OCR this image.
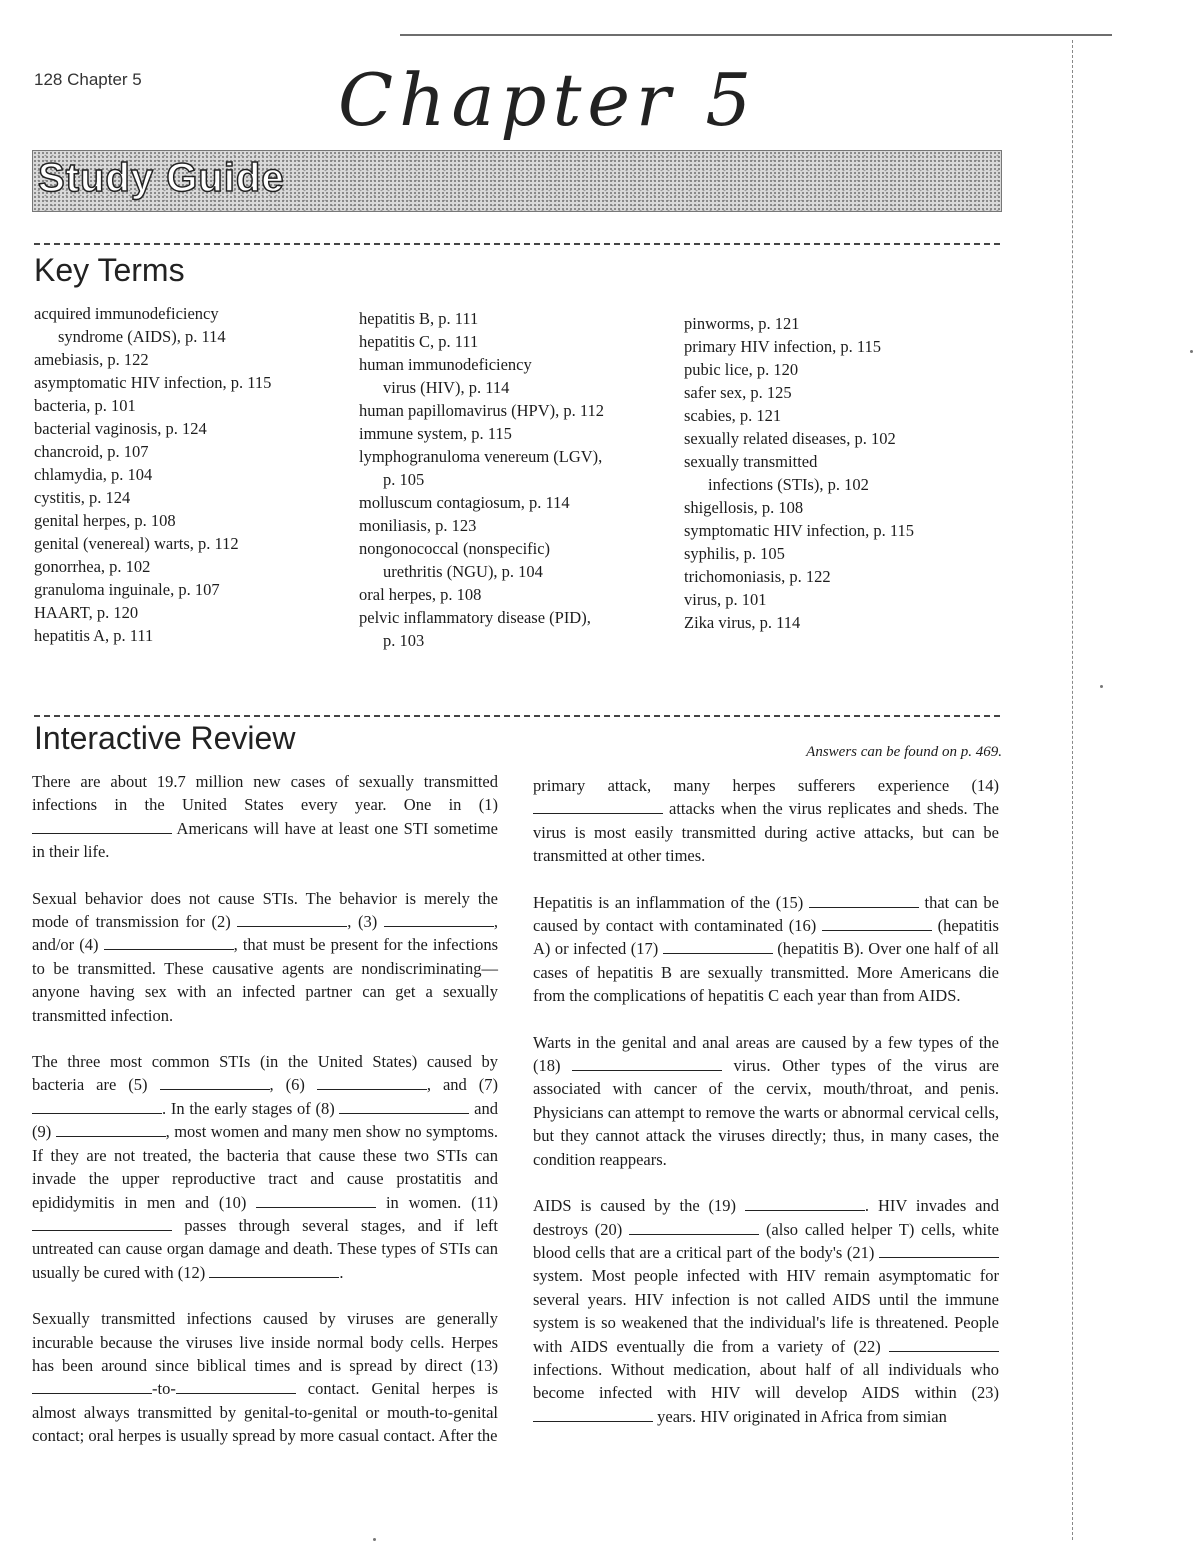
128 Chapter 5	Chapter 5
Study Guide
Key Terms
acquired immunodeficiency
syndrome (AIDS), p. 114
amebiasis, p. 122
asymptomatic HIV infection, p. 115
bacteria, p. 101
bacterial vaginosis, p. 124
chancroid, p. 107
chlamydia, p. 104
cystitis, p. 124
genital herpes, p. 108
genital (venereal) warts, p. 112
gonorrhea, p. 102
granuloma inguinale, p. 107
HAART, p. 120
hepatitis A, p. 111
hepatitis B, p. 111
hepatitis C, p. 111
human immunodeficiency
virus (HIV), p. 114
human papillomavirus (HPV), p. 112
immune system, p. 115
lymphogranuloma venereum (LGV),
p. 105
molluscum contagiosum, p. 114
moniliasis, p. 123
nongonococcal (nonspecific)
urethritis (NGU), p. 104
oral herpes, p. 108
pelvic inflammatory disease (PID),
p. 103
pinworms, p. 121
primary HIV infection, p. 115
pubic lice, p. 120
safer sex, p. 125
scabies, p. 121
sexually related diseases, p. 102
sexually transmitted
infections (STIs), p. 102
shigellosis, p. 108
symptomatic HIV infection, p. 115
syphilis, p. 105
trichomoniasis, p. 122
virus, p. 101
Zika virus, p. 114
Interactive Review	Answers can be found on p. 469.

There are about 19.7 million new cases of sexually transmitted infections in the United States every year. One in (1)  Americans will have at least one STI sometime in their life.

Sexual behavior does not cause STIs. The behavior is merely the mode of transmission for (2)	, (3)	, and/or (4)	, that must be present for the infections to be transmitted. These causative agents are nondiscriminating—anyone having sex with an infected partner can get a sexually transmitted infection.

The three most common STIs (in the United States) caused by bacteria are (5)	, (6)	, and (7) . In the early stages of (8)	and (9)	, most women and many men show no symptoms. If they are not treated, the bacteria that cause these two STIs can invade the upper reproductive tract and cause prostatitis and epididymitis in men and (10)	in women. (11)  passes through several stages, and if left untreated can cause organ damage and death. These types of STIs can usually be cured with (12)	.

Sexually transmitted infections caused by viruses are generally incurable because the viruses live inside normal body cells. Herpes has been around since biblical times and is spread by direct (13) -to-	contact. Genital herpes is almost always transmitted by genital-to-genital or mouth-to-genital contact; oral herpes is usually spread by more casual contact. After the

primary attack, many herpes sufferers experience (14)  attacks when the virus replicates and sheds. The virus is most easily transmitted during active attacks, but can be transmitted at other times.

Hepatitis is an inflammation of the (15)	that can be caused by contact with contaminated (16)	(hepatitis A) or infected (17)	(hepatitis B). Over one half of all cases of hepatitis B are sexually transmitted. More Americans die from the complications of hepatitis C each year than from AIDS.

Warts in the genital and anal areas are caused by a few types of the (18)	virus. Other types of the virus are associated with cancer of the cervix, mouth/throat, and penis. Physicians can attempt to remove the warts or abnormal cervical cells, but they cannot attack the viruses directly; thus, in many cases, the condition reappears.

AIDS is caused by the (19)	. HIV invades and destroys (20)	(also called helper T) cells, white blood cells that are a critical part of the body's (21)  system. Most people infected with HIV remain asymptomatic for several years. HIV infection is not called AIDS until the immune system is so weakened that the individual's life is threatened. People with AIDS eventually die from a variety of (22)  infections. Without medication, about half of all individuals who become infected with HIV will develop AIDS within (23)  years. HIV originated in Africa from simian
